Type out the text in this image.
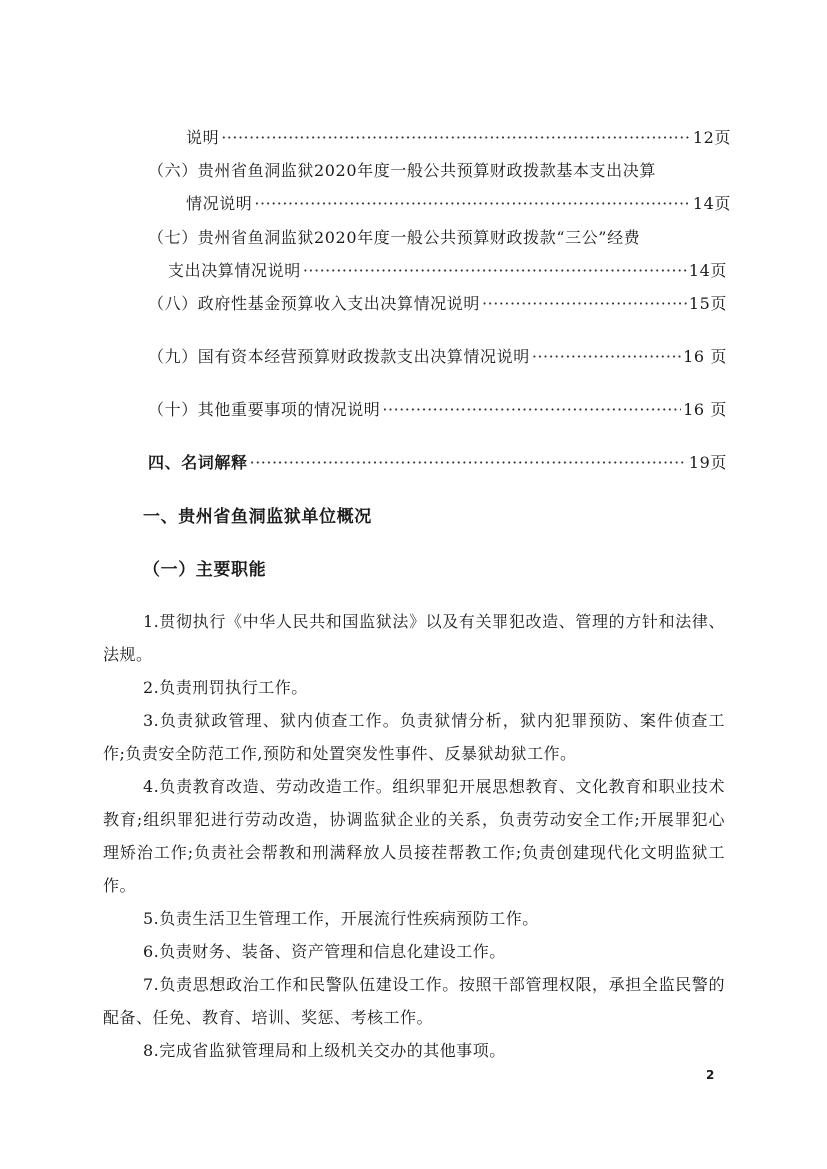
说明 ·····	12页
（六）贵州省鱼洞监狱2020年度一般公共预算财政拨款基本支出决算
情况说明 ·····	14页
（七）贵州省鱼洞监狱2020年度一般公共预算财政拨款“三公”经费
支出决算情况说明 ·····	14页
（八）政府性基金预算收入支出决算情况说明 ·····	15页
（九）国有资本经营预算财政拨款支出决算情况说明 ·····	16 页
（十）其他重要事项的情况说明 ·····	16 页
四、名词解释 ·····	19页
一、贵州省鱼洞监狱单位概况
（一）主要职能
1.贯彻执行《中华人民共和国监狱法》以及有关罪犯改造、管理的方针和法律、法规。
2.负责刑罚执行工作。
3.负责狱政管理、狱内侦查工作。负责狱情分析，狱内犯罪预防、案件侦查工作;负责安全防范工作,预防和处置突发性事件、反暴狱劫狱工作。
4.负责教育改造、劳动改造工作。组织罪犯开展思想教育、文化教育和职业技术教育;组织罪犯进行劳动改造，协调监狱企业的关系，负责劳动安全工作;开展罪犯心理矫治工作;负责社会帮教和刑满释放人员接茬帮教工作;负责创建现代化文明监狱工作。
5.负责生活卫生管理工作，开展流行性疾病预防工作。
6.负责财务、装备、资产管理和信息化建设工作。
7.负责思想政治工作和民警队伍建设工作。按照干部管理权限，承担全监民警的配备、任免、教育、培训、奖惩、考核工作。
8.完成省监狱管理局和上级机关交办的其他事项。
2
